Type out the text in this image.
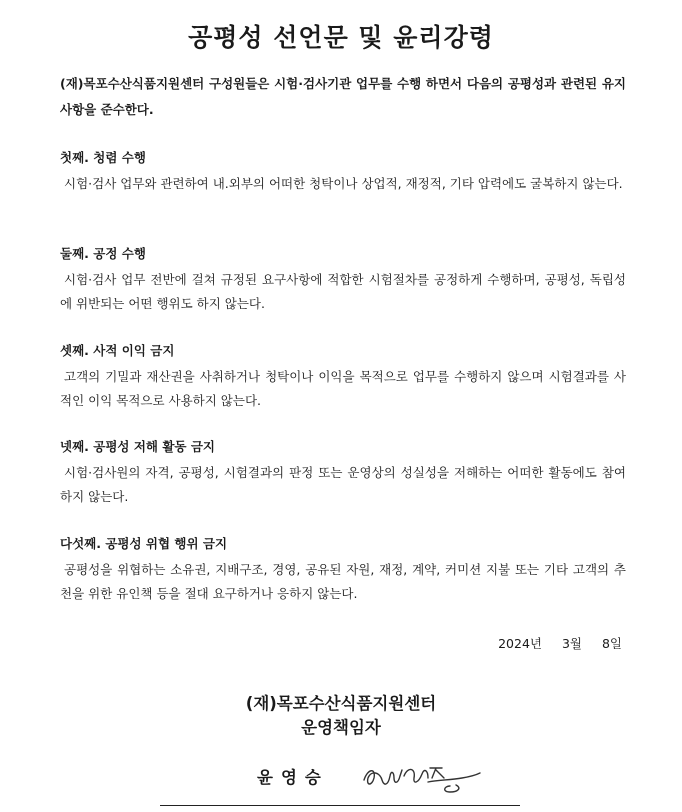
공평성 선언문 및 윤리강령

(재)목포수산식품지원센터 구성원들은 시험·검사기관 업무를 수행 하면서 다음의 공평성과 관련된 유지사항을 준수한다.

첫째. 청렴 수행

시험·검사 업무와 관련하여 내.외부의 어떠한 청탁이나 상업적, 재정적, 기타 압력에도 굴복하지 않는다.

둘째. 공정 수행

시험·검사 업무 전반에 걸쳐 규정된 요구사항에 적합한 시험절차를 공정하게 수행하며, 공평성, 독립성에 위반되는 어떤 행위도 하지 않는다.

셋째. 사적 이익 금지

고객의 기밀과 재산권을 사취하거나 청탁이나 이익을 목적으로 업무를 수행하지 않으며 시험결과를 사적인 이익 목적으로 사용하지 않는다.

넷째. 공평성 저해 활동 금지

시험·검사원의 자격, 공평성, 시험결과의 판정 또는 운영상의 성실성을 저해하는 어떠한 활동에도 참여하지 않는다.

다섯째. 공평성 위협 행위 금지

공평성을 위협하는 소유권, 지배구조, 경영, 공유된 자원, 재정, 계약, 커미션 지불 또는 기타 고객의 추천을 위한 유인책 등을 절대 요구하거나 응하지 않는다.

2024년 3월 8일

(재)목포수산식품지원센터

운영책임자

윤영승
